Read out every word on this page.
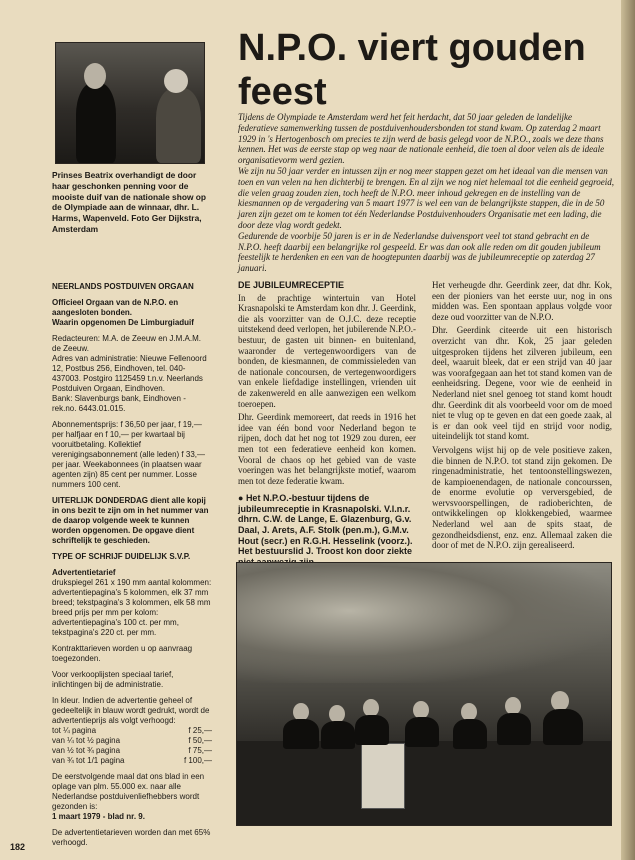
Prinses Beatrix overhandigt de door haar geschonken penning voor de mooiste duif van de nationale show op de Olympiade aan de winnaar, dhr. L. Harms, Wapenveld. Foto Ger Dijkstra, Amsterdam

NEERLANDS POSTDUIVEN ORGAAN

Officieel Orgaan van de N.P.O. en aangesloten bonden.

Waarin opgenomen De Limburgiaduif

Redacteuren: M.A. de Zeeuw en J.M.A.M. de Zeeuw.

Adres van administratie: Nieuwe Fellenoord 12, Postbus 256, Eindhoven, tel. 040-437003. Postgiro 1125459 t.n.v. Neerlands Postduiven Orgaan, Eindhoven.

Bank: Slavenburgs bank, Eindhoven - rek.no. 6443.01.015.

Abonnementsprijs: f 36,50 per jaar, f 19,— per halfjaar en f 10,— per kwartaal bij vooruitbetaling. Kollektief verenigingsabonnement (alle leden) f 33,— per jaar. Weekabonnees (in plaatsen waar agenten zijn) 85 cent per nummer. Losse nummers 100 cent.

UITERLIJK DONDERDAG dient alle kopij in ons bezit te zijn om in het nummer van de daarop volgende week te kunnen worden opgenomen. De opgave dient schriftelijk te geschieden.

TYPE OF SCHRIJF DUIDELIJK S.V.P.

Advertentietarief

drukspiegel 261 x 190 mm aantal kolommen: advertentiepagina's 5 kolommen, elk 37 mm breed; tekstpagina's 3 kolommen, elk 58 mm breed prijs per mm per kolom: advertentiepagina's 100 ct. per mm, tekstpagina's 220 ct. per mm.

Kontrakttarieven worden u op aanvraag toegezonden.

Voor verkooplijsten speciaal tarief, inlichtingen bij de administratie.

In kleur. Indien de advertentie geheel of gedeeltelijk in blauw wordt gedrukt, wordt de advertentieprijs als volgt verhoogd:

tot ¼ pagina	f 25,—
van ¼ tot ½ pagina	f 50,—
van ½ tot ¾ pagina	f 75,—
van ¾ tot 1/1 pagina	f 100,—

De eerstvolgende maal dat ons blad in een oplage van plm. 55.000 ex. naar alle Nederlandse postduivenliefhebbers wordt gezonden is:

1 maart 1979 - blad nr. 9.

De advertentietarieven worden dan met 65% verhoogd.

N.P.O. viert gouden feest

Tijdens de Olympiade te Amsterdam werd het feit herdacht, dat 50 jaar geleden de landelijke federatieve samenwerking tussen de postduivenhoudersbonden tot stand kwam. Op zaterdag 2 maart 1929 in 's Hertogenbosch om precies te zijn werd de basis gelegd voor de N.P.O., zoals we deze thans kennen. Het was de eerste stap op weg naar de nationale eenheid, die toen al door velen als de ideale organisatievorm werd gezien.

We zijn nu 50 jaar verder en intussen zijn er nog meer stappen gezet om het ideaal van die mensen van toen en van velen na hen dichterbij te brengen. En al zijn we nog niet helemaal tot die eenheid gegroeid, die velen graag zouden zien, toch heeft de N.P.O. meer inhoud gekregen en de instelling van de kiesmannen op de vergadering van 5 maart 1977 is wel een van de belangrijkste stappen, die in de 50 jaren zijn gezet om te komen tot één Nederlandse Postduivenhouders Organisatie met een lading, die door deze vlag wordt gedekt.

Gedurende de voorbije 50 jaren is er in de Nederlandse duivensport veel tot stand gebracht en de N.P.O. heeft daarbij een belangrijke rol gespeeld. Er was dan ook alle reden om dit gouden jubileum feestelijk te herdenken en een van de hoogtepunten daarbij was de jubileumreceptie op zaterdag 27 januari.

DE JUBILEUMRECEPTIE

In de prachtige wintertuin van Hotel Krasnapolski te Amsterdam kon dhr. J. Geerdink, die als voorzitter van de O.J.C. deze receptie uitstekend deed verlopen, het jubilerende N.P.O.-bestuur, de gasten uit binnen- en buitenland, waaronder de vertegenwoordigers van de bonden, de kiesmannen, de commissieleden van de nationale concoursen, de vertegenwoordigers van enkele liefdadige instellingen, vrienden uit de zakenwereld en alle aanwezigen een welkom toeroepen.

Dhr. Geerdink memoreert, dat reeds in 1916 het idee van één bond voor Nederland begon te rijpen, doch dat het nog tot 1929 zou duren, eer men tot een federatieve eenheid kon komen. Vooral de chaos op het gebied van de vaste voeringen was het belangrijkste motief, waarom men tot deze federatie kwam.

● Het N.P.O.-bestuur tijdens de jubileumreceptie in Krasnapolski. V.l.n.r. dhrn. C.W. de Lange, E. Glazenburg, G.v. Daal, J. Arets, A.F. Stolk (pen.m.), G.M.v. Hout (secr.) en R.G.H. Hesselink (voorz.). Het bestuurslid J. Troost kon door ziekte

Het verheugde dhr. Geerdink zeer, dat dhr. Kok, een der pioniers van het eerste uur, nog in ons midden was. Een spontaan applaus volgde voor deze oud voorzitter van de N.P.O.

Dhr. Geerdink citeerde uit een historisch overzicht van dhr. Kok, 25 jaar geleden uitgesproken tijdens het zilveren jubileum, een deel, waaruit bleek, dat er een strijd van 40 jaar was voorafgegaan aan het tot stand komen van de eenheidsring. Degene, voor wie de eenheid in Nederland niet snel genoeg tot stand komt houdt dhr. Geerdink dit als voorbeeld voor om de moed niet te vlug op te geven en dat een goede zaak, al is er dan ook veel tijd en strijd voor nodig, uiteindelijk tot stand komt.

Vervolgens wijst hij op de vele positieve zaken, die binnen de N.P.O. tot stand zijn gekomen. De ringenadministratie, het tentoonstellingswezen, de kampioenendagen, de nationale concourssen, de enorme evolutie op verversgebied, de wervsvoorspellingen, de radioberichten, de ontwikkelingen op klokkengebied, waarmee Nederland wel aan de spits staat, de gezondheidsdienst, enz. enz. Allemaal zaken die door of met de N.P.O. zijn gerealiseerd.

182
